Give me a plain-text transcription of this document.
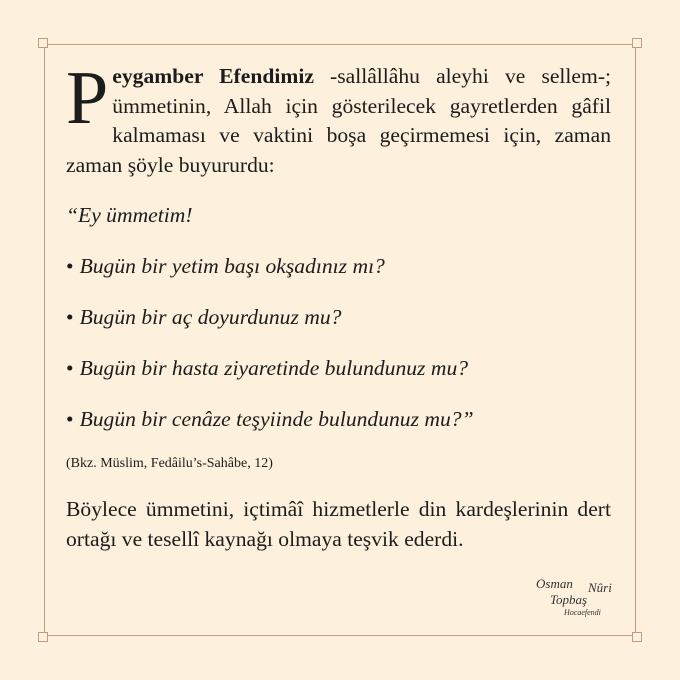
Peygamber Efendimiz -sallâllâhu aleyhi ve sellem-; ümmetinin, Allah için gösterilecek gayretlerden gâfil kalmaması ve vaktini boşa geçirmemesi için, zaman zaman şöyle buyururdu:

“Ey ümmetim!

• Bugün bir yetim başı okşadınız mı?

• Bugün bir aç doyurdunuz mu?

• Bugün bir hasta ziyaretinde bulundunuz mu?

• Bugün bir cenâze teşyiinde bulundunuz mu?”

(Bkz. Müslim, Fedâilu’s-Sahâbe, 12)

Böylece ümmetini, içtimâî hizmetlerle din kardeşlerinin dert ortağı ve tesellî kaynağı olmaya teşvik ederdi.

Osman Nûri
Topbaş
Hocaefendi
